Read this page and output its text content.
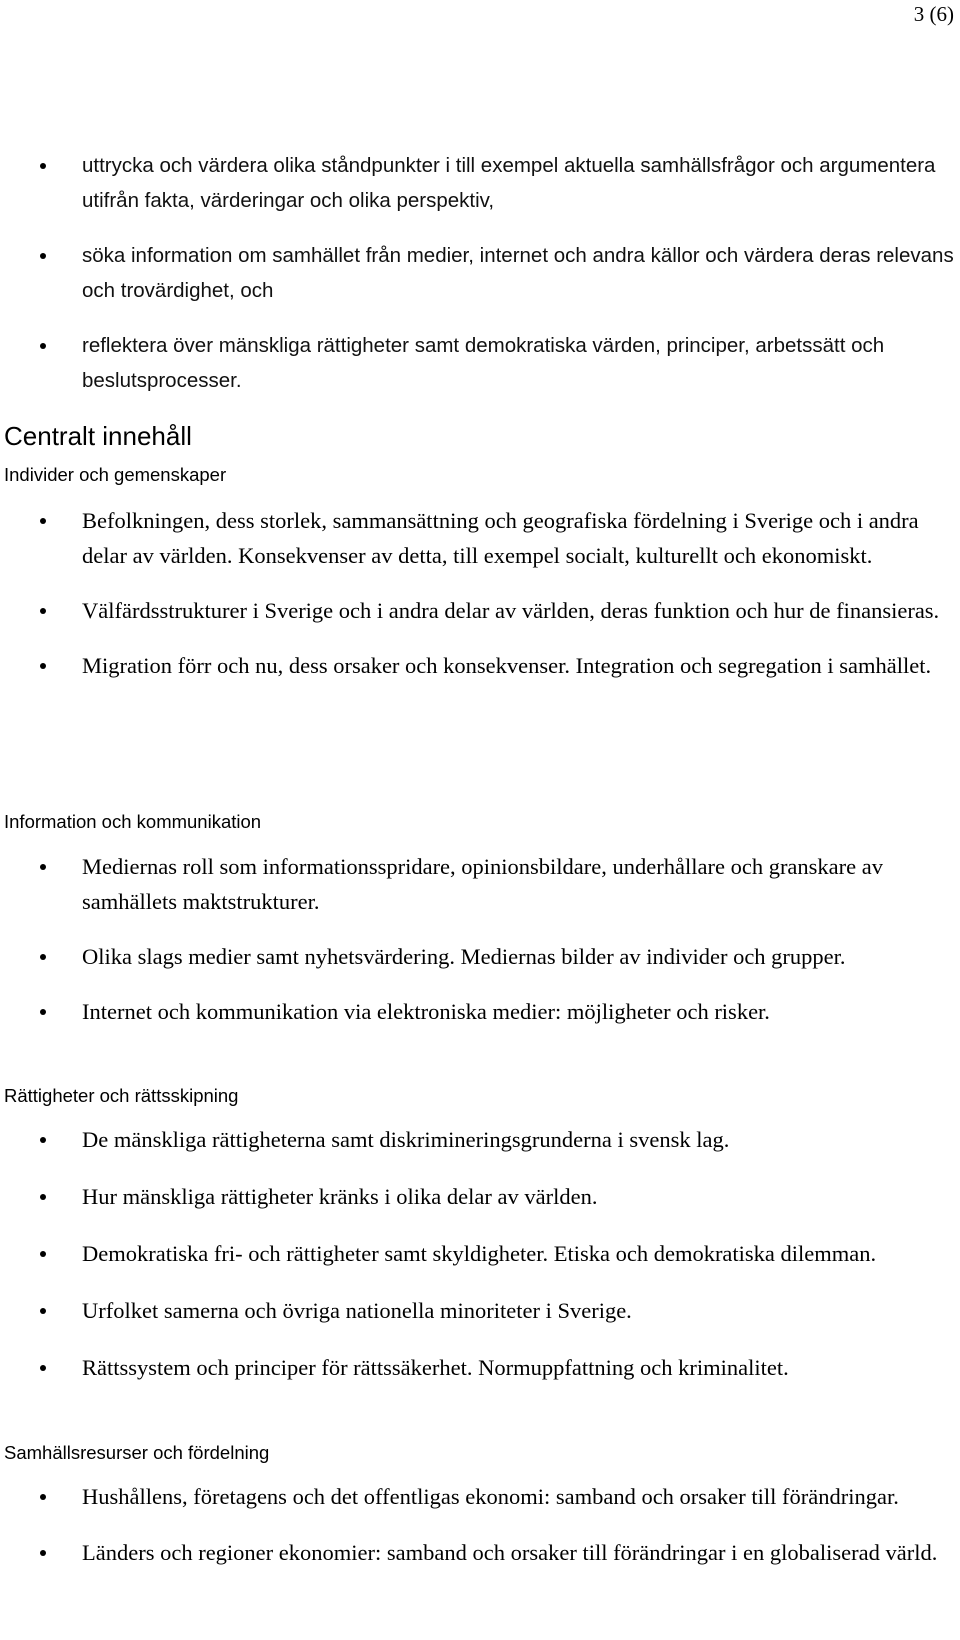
3 (6)
uttrycka och värdera olika ståndpunkter i till exempel aktuella samhällsfrågor och argumentera utifrån fakta, värderingar och olika perspektiv,
söka information om samhället från medier, internet och andra källor och värdera deras relevans och trovärdighet, och
reflektera över mänskliga rättigheter samt demokratiska värden, principer, arbetssätt och beslutsprocesser.
Centralt innehåll
Individer och gemenskaper
Befolkningen, dess storlek, sammansättning och geografiska fördelning i Sverige och i andra delar av världen. Konsekvenser av detta, till exempel socialt, kulturellt och ekonomiskt.
Välfärdsstrukturer i Sverige och i andra delar av världen, deras funktion och hur de finansieras.
Migration förr och nu, dess orsaker och konsekvenser. Integration och segregation i samhället.
Information och kommunikation
Mediernas roll som informationsspridare, opinionsbildare, underhållare och granskare av samhällets maktstrukturer.
Olika slags medier samt nyhetsvärdering. Mediernas bilder av individer och grupper.
Internet och kommunikation via elektroniska medier: möjligheter och risker.
Rättigheter och rättsskipning
De mänskliga rättigheterna samt diskrimineringsgrunderna i svensk lag.
Hur mänskliga rättigheter kränks i olika delar av världen.
Demokratiska fri- och rättigheter samt skyldigheter. Etiska och demokratiska dilemman.
Urfolket samerna och övriga nationella minoriteter i Sverige.
Rättssystem och principer för rättssäkerhet. Normuppfattning och kriminalitet.
Samhällsresurser och fördelning
Hushållens, företagens och det offentligas ekonomi: samband och orsaker till förändringar.
Länders och regioner ekonomier: samband och orsaker till förändringar i en globaliserad värld.
